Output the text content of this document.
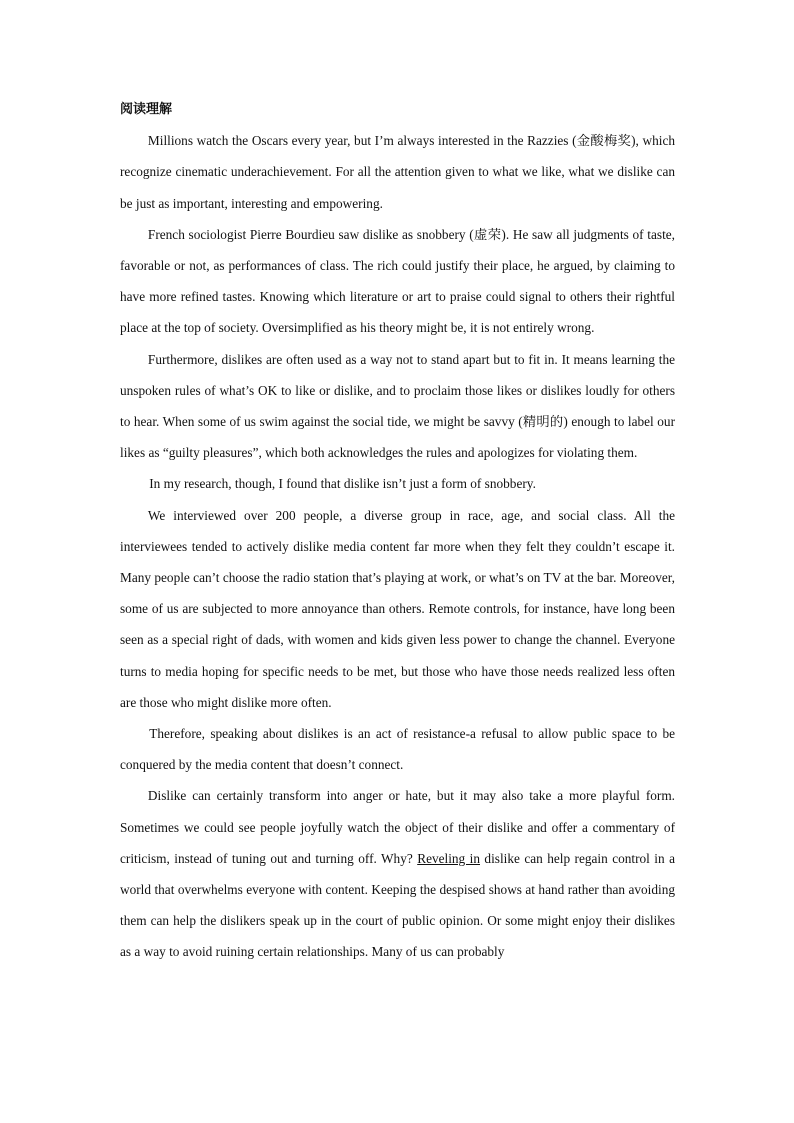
阅读理解

Millions watch the Oscars every year, but I’m always interested in the Razzies (金酸梅奖), which recognize cinematic underachievement. For all the attention given to what we like, what we dislike can be just as important, interesting and empowering.

French sociologist Pierre Bourdieu saw dislike as snobbery (虚荣). He saw all judgments of taste, favorable or not, as performances of class. The rich could justify their place, he argued, by claiming to have more refined tastes. Knowing which literature or art to praise could signal to others their rightful place at the top of society. Oversimplified as his theory might be, it is not entirely wrong.

Furthermore, dislikes are often used as a way not to stand apart but to fit in. It means learning the unspoken rules of what’s OK to like or dislike, and to proclaim those likes or dislikes loudly for others to hear. When some of us swim against the social tide, we might be savvy (精明的) enough to label our likes as “guilty pleasures”, which both acknowledges the rules and apologizes for violating them.

In my research, though, I found that dislike isn’t just a form of snobbery.

We interviewed over 200 people, a diverse group in race, age, and social class. All the interviewees tended to actively dislike media content far more when they felt they couldn’t escape it. Many people can’t choose the radio station that’s playing at work, or what’s on TV at the bar. Moreover, some of us are subjected to more annoyance than others. Remote controls, for instance, have long been seen as a special right of dads, with women and kids given less power to change the channel. Everyone turns to media hoping for specific needs to be met, but those who have those needs realized less often are those who might dislike more often.

Therefore, speaking about dislikes is an act of resistance-a refusal to allow public space to be conquered by the media content that doesn’t connect.

Dislike can certainly transform into anger or hate, but it may also take a more playful form. Sometimes we could see people joyfully watch the object of their dislike and offer a commentary of criticism, instead of tuning out and turning off. Why? Reveling in dislike can help regain control in a world that overwhelms everyone with content. Keeping the despised shows at hand rather than avoiding them can help the dislikers speak up in the court of public opinion. Or some might enjoy their dislikes as a way to avoid ruining certain relationships. Many of us can probably
